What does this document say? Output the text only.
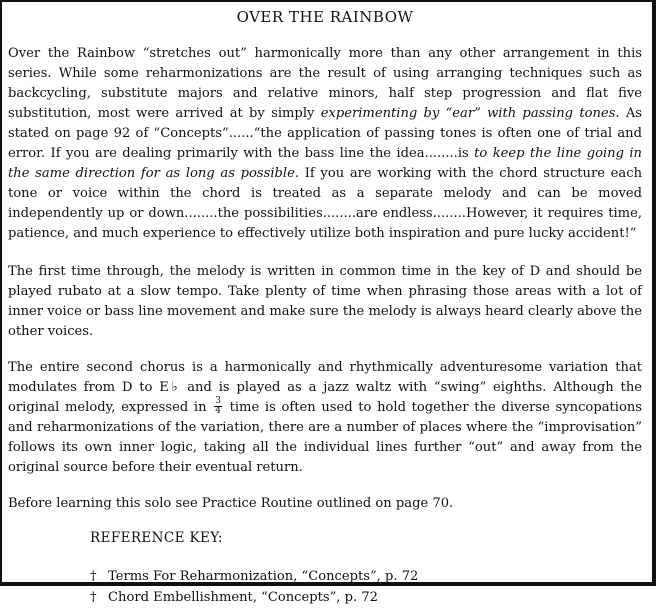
OVER THE RAINBOW

Over the Rainbow “stretches out” harmonically more than any other arrangement in this series. While some reharmonizations are the result of using arranging techniques such as backcycling, substitute majors and relative minors, half step progression and flat five substitution, most were arrived at by simply experimenting by “ear” with passing tones. As stated on page 92 of “Concepts”......“the application of passing tones is often one of trial and error. If you are dealing primarily with the bass line the idea........is to keep the line going in the same direction for as long as possible. If you are working with the chord structure each tone or voice within the chord is treated as a separate melody and can be moved independently up or down........the possibilities........are endless........However, it requires time, patience, and much experience to effectively utilize both inspiration and pure lucky accident!”

The first time through, the melody is written in common time in the key of D and should be played rubato at a slow tempo. Take plenty of time when phrasing those areas with a lot of inner voice or bass line movement and make sure the melody is always heard clearly above the other voices.

The entire second chorus is a harmonically and rhythmically adventuresome variation that modulates from D to E♭ and is played as a jazz waltz with “swing” eighths. Although the original melody, expressed in $\frac{3}{4}$ time is often used to hold together the diverse syncopations and reharmonizations of the variation, there are a number of places where the “improvisation” follows its own inner logic, taking all the individual lines further “out” and away from the original source before their eventual return.

Before learning this solo see Practice Routine outlined on page 70.

REFERENCE KEY:
† Terms For Reharmonization, “Concepts”, p. 72
† Chord Embellishment, “Concepts”, p. 72
